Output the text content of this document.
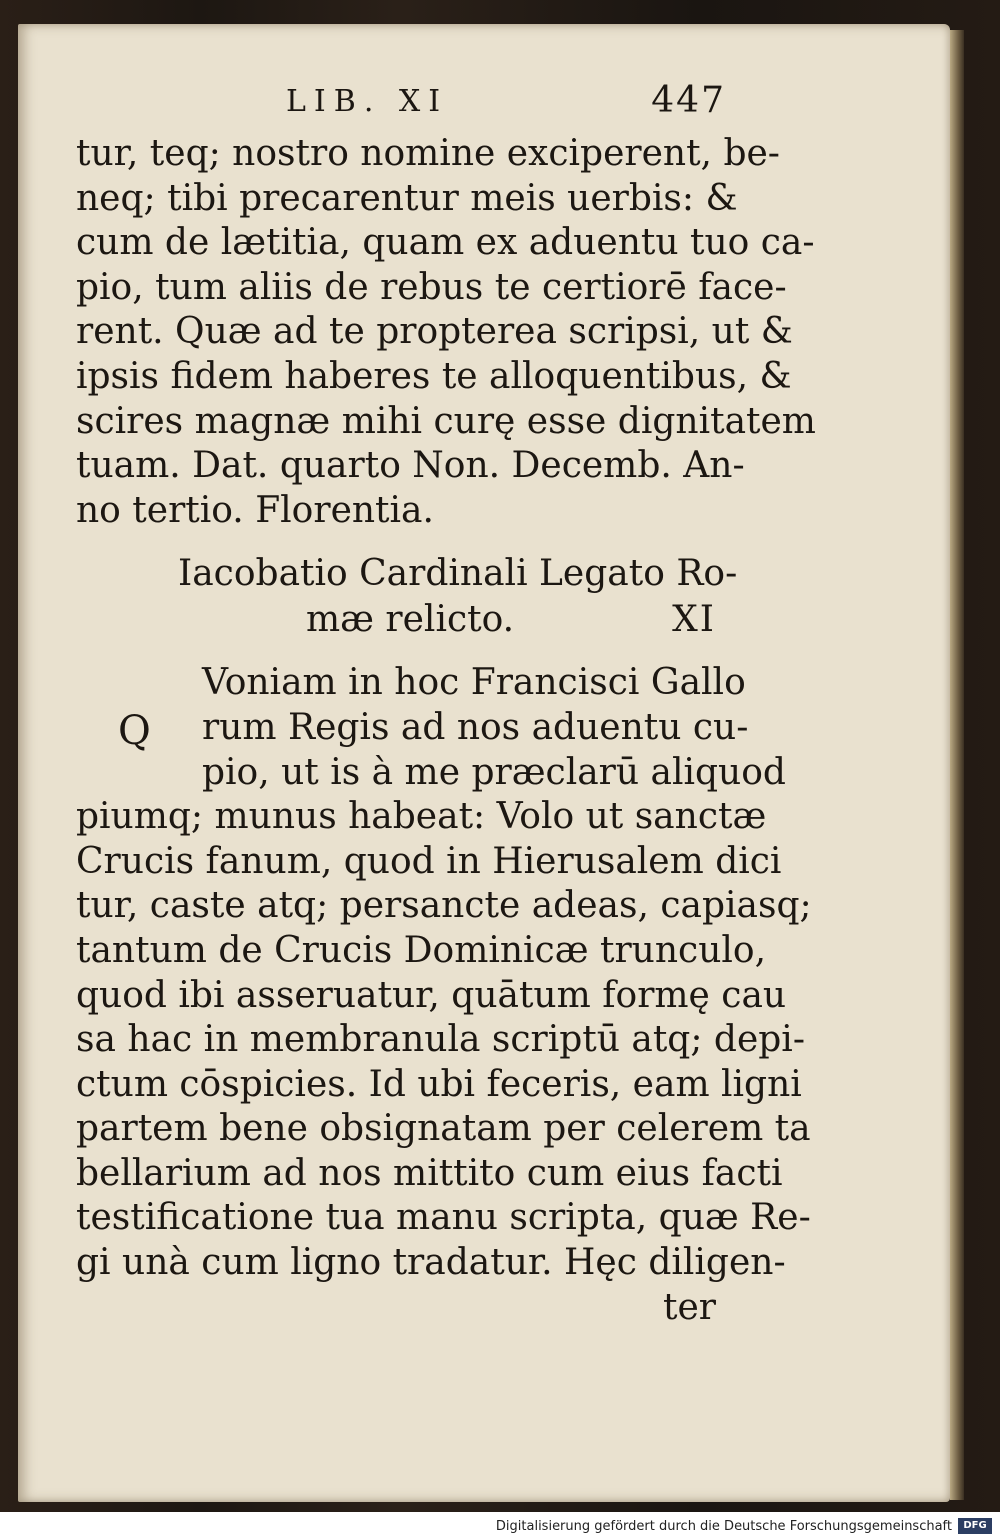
LIB. XI	447
tur, teq; nostro nomine exciperent, be-
neq; tibi precarentur meis uerbis: &
cum de lætitia, quam ex aduentu tuo ca-
pio, tum aliis de rebus te certiorē face-
rent. Quæ ad te propterea scripsi, ut &
ipsis fidem haberes te alloquentibus, &
scires magnæ mihi curę esse dignitatem
tuam. Dat. quarto Non. Decemb. An-
no tertio. Florentia.
Iacobatio Cardinali Legato Ro-
mæ relicto.	XI
Q
Voniam in hoc Francisci Gallo
rum Regis ad nos aduentu cu-
pio, ut is à me præclarū aliquod
piumq; munus habeat: Volo ut sanctæ
Crucis fanum, quod in Hierusalem dici
tur, caste atq; persancte adeas, capiasq;
tantum de Crucis Dominicæ trunculo,
quod ibi asseruatur, quātum formę cau
sa hac in membranula scriptū atq; depi-
ctum cōspicies. Id ubi feceris, eam ligni
partem bene obsignatam per celerem ta
bellarium ad nos mittito cum eius facti
testificatione tua manu scripta, quæ Re-
gi unà cum ligno tradatur. Hęc diligen-
ter
Digitalisierung gefördert durch die Deutsche Forschungsgemeinschaft	DFG
